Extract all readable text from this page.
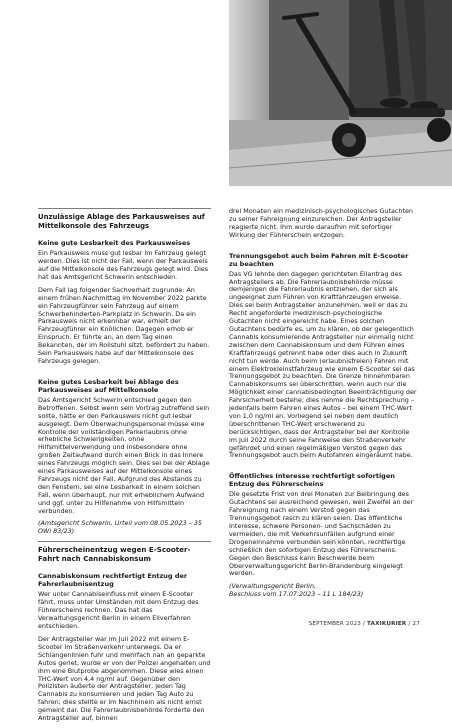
Unzulässige Ablage des Parkausweises auf Mittelkonsole des Fahrzeugs
Keine gute Lesbarkeit des Parkausweises

Ein Parkausweis muss gut lesbar im Fahrzeug gelegt werden. Dies ist nicht der Fall, wenn der Parkausweis auf die Mittelkonsole des Fahrzeugs gelegt wird. Dies hat das Amtsgericht Schwerin entschieden.

Dem Fall lag folgender Sachverhalt zugrunde: An einem frühen Nachmittag im November 2022 parkte ein Fahrzeugführer sein Fahrzeug auf einem Schwerbehinderten-Parkplatz in Schwerin. Da ein Parkausweis nicht erkennbar war, erhielt der Fahrzeugführer ein Knöllchen. Dagegen erhob er Einspruch. Er führte an, an dem Tag einen Bekannten, der im Rollstuhl sitzt, befördert zu haben. Sein Parkausweis habe auf der Mittelkonsole des Fahrzeugs gelegen.

Keine gutes Lesbarkeit bei Ablage des Parkausweises auf Mittelkonsole

Das Amtsgericht Schwerin entschied gegen den Betroffenen. Selbst wenn sein Vortrag zutreffend sein sollte, hätte er den Parkausweis nicht gut lesbar ausgelegt. Dem Überwachungspersonal müsse eine Kontrolle der vollständigen Parkerlaubnis ohne erhebliche Schwierigkeiten, ohne Hilfsmittelverwendung und insbesondere ohne großen Zeitaufwand durch einen Blick in das Innere eines Fahrzeugs möglich sein. Dies sei bei der Ablage eines Parkausweises auf der Mittelkonsole eines Fahrzeugs nicht der Fall. Aufgrund des Abstands zu den Fenstern, sei eine Lesbarkeit in einem solchen Fall, wenn überhaupt, nur mit erheblichem Aufwand und ggf. unter zu Hilfenahme von Hilfsmitteln verbunden.

(Amtsgericht Schwerin, Urteil vom 08.05.2023 – 35 OWi 83/23)

Führerscheinentzug wegen E-Scooter-Fahrt nach Cannabiskonsum
Cannabiskonsum rechtfertigt Entzug der Fahrerlaubnisentzug

Wer unter Cannabiseinfluss mit einem E-Scooter fährt, muss unter Umständen mit dem Entzug des Führerscheins rechnen. Das hat das Verwaltungsgericht Berlin in einem Eilverfahren entschieden.

Der Antragsteller war im Juli 2022 mit einem E-Scooter im Straßenverkehr unterwegs. Da er Schlangenlinien fuhr und mehrfach nah an geparkte Autos geriet, wurde er von der Polizei angehalten und ihm eine Blutprobe abgenommen. Diese wies einen THC-Wert von 4,4 ng/ml auf. Gegenüber den Polizisten äußerte der Antragsteller, jeden Tag Cannabis zu konsumieren und jeden Tag Auto zu fahren; dies stellte er im Nachhinein als nicht ernst gemeint dar. Die Fahrerlaubnisbehörde forderte den Antragsteller auf, binnen

drei Monaten ein medizinisch-psychologisches Gutachten zu seiner Fahreignung einzureichen. Der Antragsteller reagierte nicht. Ihm wurde daraufhin mit sofortiger Wirkung der Führerschein entzogen.

Trennungsgebot auch beim Fahren mit E-Scooter zu beachten

Das VG lehnte den dagegen gerichteten Eilantrag des Antragstellers ab. Die Fahrerlaubnisbehörde müsse demjenigen die Fahrerlaubnis entziehen, der sich als ungeeignet zum Führen von Kraftfahrzeugen erweise. Dies sei beim Antragsteller anzunehmen, weil er das zu Recht angeforderte medizinisch-psychologische Gutachten nicht eingereicht habe. Eines solchen Gutachtens bedürfe es, um zu klären, ob der gelegentlich Cannabis konsumierende Antragsteller nur einmalig nicht zwischen dem Cannabiskonsum und dem Führen eines Kraftfahrzeugs getrennt habe oder dies auch in Zukunft nicht tun werde. Auch beim (erlaubnisfreien) Fahren mit einem Elektrokleinstfahrzeug wie einem E-Scooter sei das Trennungsgebot zu beachten. Die Grenze hinnehmbaren Cannabiskonsums sei überschritten, wenn auch nur die Möglichkeit einer cannabisbedingten Beeinträchtigung der Fahrsicherheit bestehe; dies nehme die Rechtsprechung – jedenfalls beim Fahren eines Autos – bei einem THC-Wert von 1,0 ng/ml an. Vorliegend sei neben dem deutlich überschrittenen THC-Wert erschwerend zu berücksichtigen, dass der Antragsteller bei der Kontrolle im Juli 2022 durch seine Fahrweise den Straßenverkehr gefährdet und einen regelmäßigen Verstoß gegen das Trennungsgebot auch beim Autofahren eingeräumt habe.

Öffentliches Interesse rechtfertigt sofortigen Entzug des Führerscheins

Die gesetzte Frist von drei Monaten zur Beibringung des Gutachtens sei ausreichend gewesen, weil Zweifel an der Fahreignung nach einem Verstoß gegen das Trennungsgebot rasch zu klären seien. Das öffentliche Interesse, schwere Personen- und Sachschäden zu vermeiden, die mit Verkehrsunfällen aufgrund einer Drogeneinnahme verbunden sein könnten, rechtfertige schließlich den sofortigen Entzug des Führerscheins. Gegen den Beschluss kann Beschwerde beim Oberverwaltungsgericht Berlin-Brandenburg eingelegt werden.

(Verwaltungsgericht Berlin,
Beschluss vom 17.07.2023 – 11 L 184/23)
SEPTEMBER 2023 / TAXIKURIER / 27
